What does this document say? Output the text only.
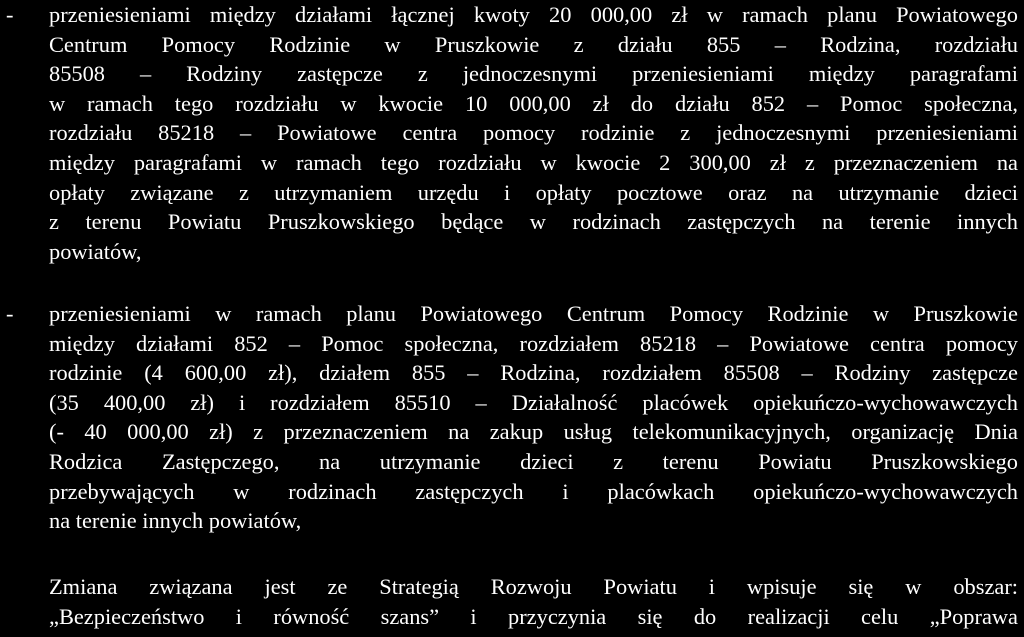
- przeniesieniami między działami łącznej kwoty 20 000,00 zł w ramach planu Powiatowego
Centrum Pomocy Rodzinie w Pruszkowie z działu 855 – Rodzina, rozdziału
85508 – Rodziny zastępcze z jednoczesnymi przeniesieniami między paragrafami
w ramach tego rozdziału w kwocie 10 000,00 zł do działu 852 – Pomoc społeczna,
rozdziału 85218 – Powiatowe centra pomocy rodzinie z jednoczesnymi przeniesieniami
między paragrafami w ramach tego rozdziału w kwocie 2 300,00 zł z przeznaczeniem na
opłaty związane z utrzymaniem urzędu i opłaty pocztowe oraz na utrzymanie dzieci
z terenu Powiatu Pruszkowskiego będące w rodzinach zastępczych na terenie innych
powiatów,
- przeniesieniami w ramach planu Powiatowego Centrum Pomocy Rodzinie w Pruszkowie
między działami 852 – Pomoc społeczna, rozdziałem 85218 – Powiatowe centra pomocy
rodzinie (4 600,00 zł), działem 855 – Rodzina, rozdziałem 85508 – Rodziny zastępcze
(35 400,00 zł) i rozdziałem 85510 – Działalność placówek opiekuńczo-wychowawczych
(- 40 000,00 zł) z przeznaczeniem na zakup usług telekomunikacyjnych, organizację Dnia
Rodzica Zastępczego, na utrzymanie dzieci z terenu Powiatu Pruszkowskiego
przebywających w rodzinach zastępczych i placówkach opiekuńczo-wychowawczych
na terenie innych powiatów,
Zmiana związana jest ze Strategią Rozwoju Powiatu i wpisuje się w obszar:
„Bezpieczeństwo i równość szans” i przyczynia się do realizacji celu „Poprawa
